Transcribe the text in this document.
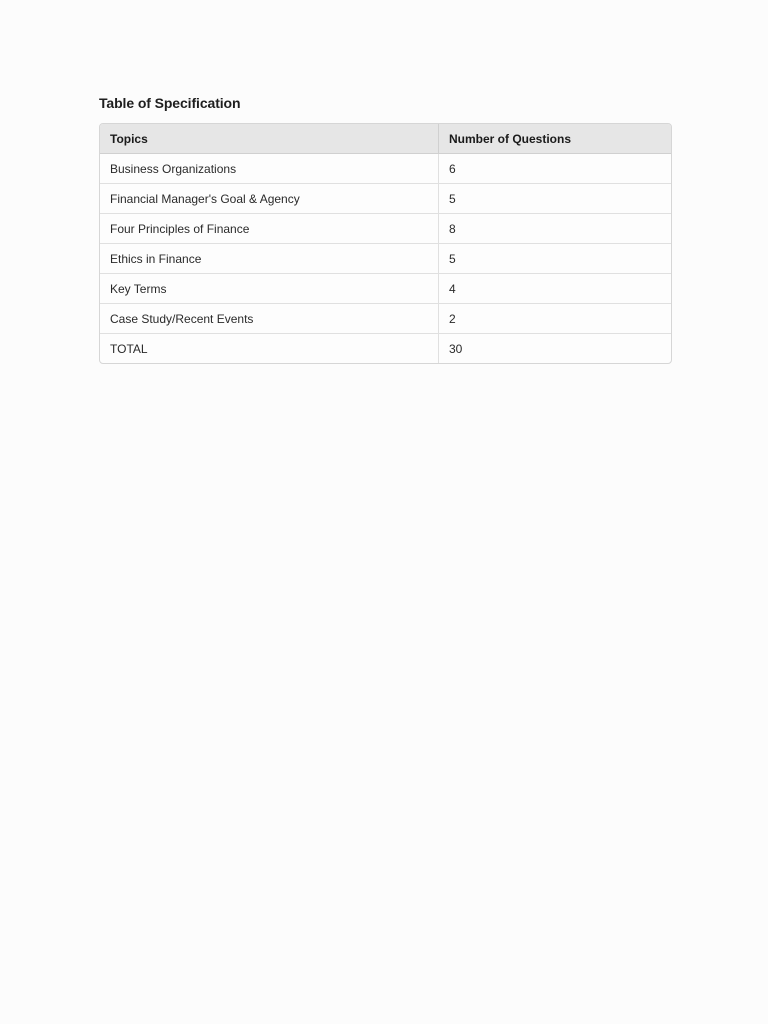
Table of Specification
Topics	Number of Questions
Business Organizations	6
Financial Manager's Goal & Agency	5
Four Principles of Finance	8
Ethics in Finance	5
Key Terms	4
Case Study/Recent Events	2
TOTAL	30
